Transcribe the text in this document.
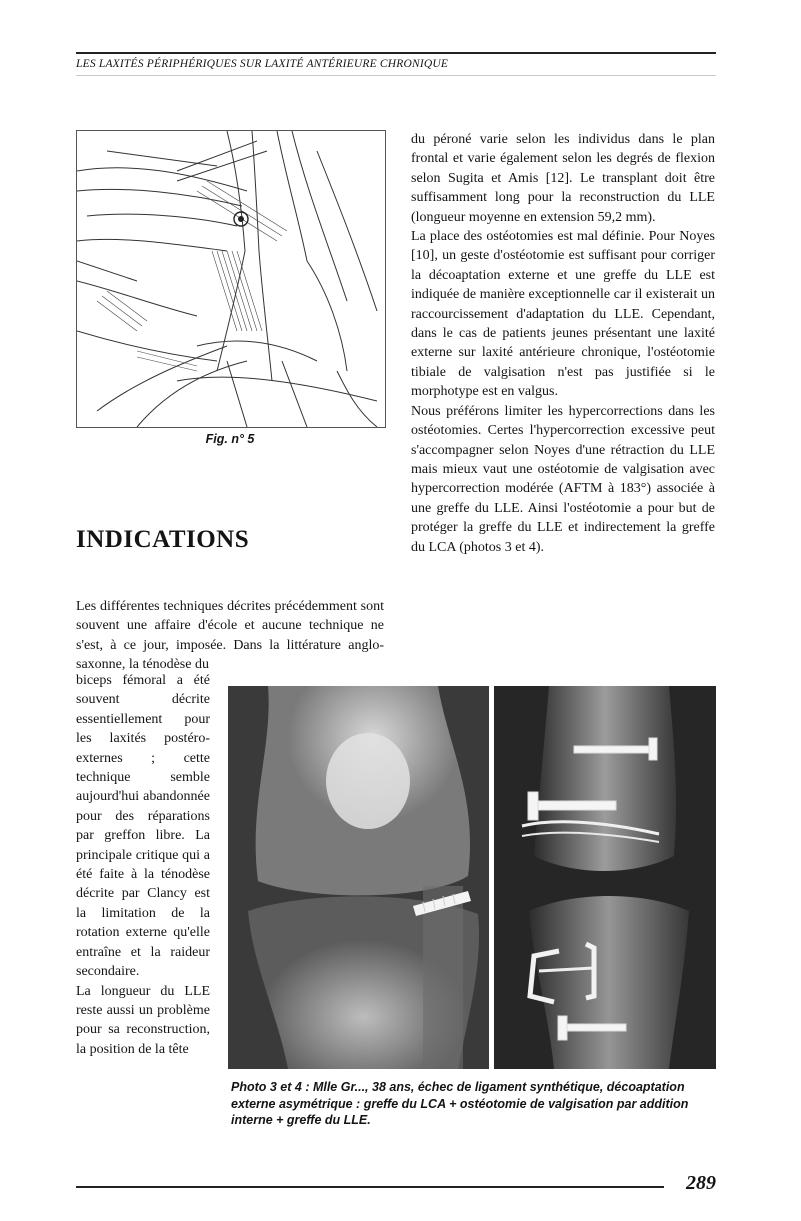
LES LAXITÉS PÉRIPHÉRIQUES SUR LAXITÉ ANTÉRIEURE CHRONIQUE
Fig. n° 5

du péroné varie selon les individus dans le plan frontal et varie également selon les degrés de flexion selon Sugita et Amis [12]. Le transplant doit être suffisamment long pour la reconstruction du LLE (longueur moyenne en extension 59,2 mm).

La place des ostéotomies est mal définie. Pour Noyes [10], un geste d'ostéotomie est suffisant pour corriger la décoaptation externe et une greffe du LLE est indiquée de manière exceptionnelle car il existerait un raccourcissement d'adaptation du LLE. Cependant, dans le cas de patients jeunes présentant une laxité externe sur laxité antérieure chronique, l'ostéotomie tibiale de valgisation n'est pas justifiée si le morphotype est en valgus.

Nous préférons limiter les hypercorrections dans les ostéotomies. Certes l'hypercorrection excessive peut s'accompagner selon Noyes d'une rétraction du LLE mais mieux vaut une ostéotomie de valgisation avec hypercorrection modérée (AFTM à 183°) associée à une greffe du LLE. Ainsi l'ostéotomie a pour but de protéger la greffe du LLE et indirectement la greffe du LCA (photos 3 et 4).

INDICATIONS

Les différentes techniques décrites précédemment sont souvent une affaire d'école et aucune technique ne s'est, à ce jour, imposée. Dans la littérature anglo-saxonne, la ténodèse du

biceps fémoral a été souvent décrite essentiellement pour les laxités postéro-externes ; cette technique semble aujourd'hui abandonnée pour des réparations par greffon libre. La principale critique qui a été faite à la ténodèse décrite par Clancy est la limitation de la rotation externe qu'elle entraîne et la raideur secondaire.

La longueur du LLE reste aussi un problème pour sa reconstruction, la position de la tête

Photo 3 et 4 : Mlle Gr..., 38 ans, échec de ligament synthétique, décoaptation externe asymétrique : greffe du LCA + ostéotomie de valgisation par addition interne + greffe du LLE.
289
